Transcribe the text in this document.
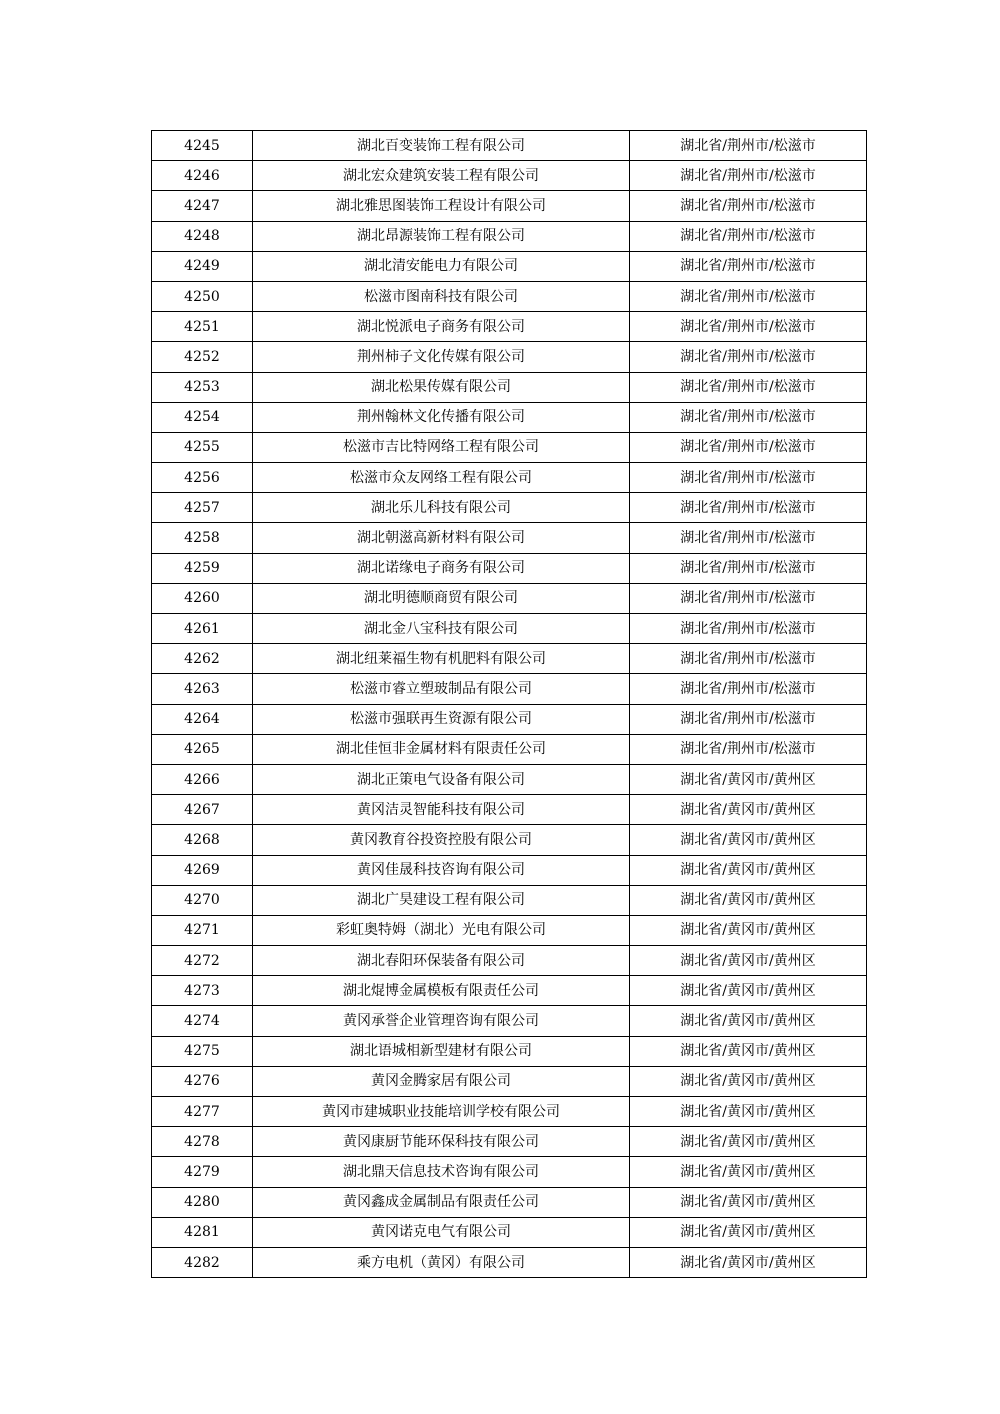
4245	湖北百变装饰工程有限公司	湖北省/荆州市/松滋市
4246	湖北宏众建筑安装工程有限公司	湖北省/荆州市/松滋市
4247	湖北雅思图装饰工程设计有限公司	湖北省/荆州市/松滋市
4248	湖北昂源装饰工程有限公司	湖北省/荆州市/松滋市
4249	湖北清安能电力有限公司	湖北省/荆州市/松滋市
4250	松滋市图南科技有限公司	湖北省/荆州市/松滋市
4251	湖北悦派电子商务有限公司	湖北省/荆州市/松滋市
4252	荆州柿子文化传媒有限公司	湖北省/荆州市/松滋市
4253	湖北松果传媒有限公司	湖北省/荆州市/松滋市
4254	荆州翰林文化传播有限公司	湖北省/荆州市/松滋市
4255	松滋市吉比特网络工程有限公司	湖北省/荆州市/松滋市
4256	松滋市众友网络工程有限公司	湖北省/荆州市/松滋市
4257	湖北乐儿科技有限公司	湖北省/荆州市/松滋市
4258	湖北朝滋高新材料有限公司	湖北省/荆州市/松滋市
4259	湖北诺缘电子商务有限公司	湖北省/荆州市/松滋市
4260	湖北明德顺商贸有限公司	湖北省/荆州市/松滋市
4261	湖北金八宝科技有限公司	湖北省/荆州市/松滋市
4262	湖北纽莱福生物有机肥料有限公司	湖北省/荆州市/松滋市
4263	松滋市睿立塑玻制品有限公司	湖北省/荆州市/松滋市
4264	松滋市强联再生资源有限公司	湖北省/荆州市/松滋市
4265	湖北佳恒非金属材料有限责任公司	湖北省/荆州市/松滋市
4266	湖北正策电气设备有限公司	湖北省/黄冈市/黄州区
4267	黄冈洁灵智能科技有限公司	湖北省/黄冈市/黄州区
4268	黄冈教育谷投资控股有限公司	湖北省/黄冈市/黄州区
4269	黄冈佳晟科技咨询有限公司	湖北省/黄冈市/黄州区
4270	湖北广昊建设工程有限公司	湖北省/黄冈市/黄州区
4271	彩虹奥特姆（湖北）光电有限公司	湖北省/黄冈市/黄州区
4272	湖北春阳环保装备有限公司	湖北省/黄冈市/黄州区
4273	湖北焜博金属模板有限责任公司	湖北省/黄冈市/黄州区
4274	黄冈承誉企业管理咨询有限公司	湖北省/黄冈市/黄州区
4275	湖北语城相新型建材有限公司	湖北省/黄冈市/黄州区
4276	黄冈金腾家居有限公司	湖北省/黄冈市/黄州区
4277	黄冈市建城职业技能培训学校有限公司	湖北省/黄冈市/黄州区
4278	黄冈康厨节能环保科技有限公司	湖北省/黄冈市/黄州区
4279	湖北鼎天信息技术咨询有限公司	湖北省/黄冈市/黄州区
4280	黄冈鑫成金属制品有限责任公司	湖北省/黄冈市/黄州区
4281	黄冈诺克电气有限公司	湖北省/黄冈市/黄州区
4282	乘方电机（黄冈）有限公司	湖北省/黄冈市/黄州区
